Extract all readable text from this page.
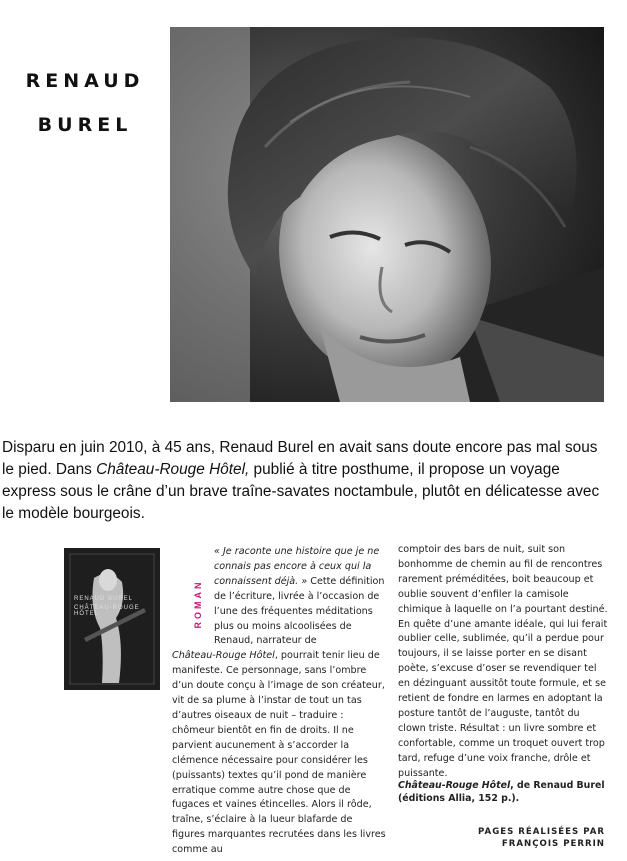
RENAUD
BUREL

Disparu en juin 2010, à 45 ans, Renaud Burel en avait sans doute encore pas mal sous le pied. Dans Château-Rouge Hôtel, publié à titre posthume, il propose un voyage express sous le crâne d’un brave traîne-savates noctambule, plutôt en délicatesse avec le modèle bourgeois.

RENAUD BUREL
CHÂTEAU-ROUGE HÔTEL	ROMAN

« Je raconte une histoire que je ne connais pas encore à ceux qui la connaissent déjà. » Cette définition de l’écriture, livrée à l’occasion de l’une des fréquentes méditations plus ou moins alcoolisées de Renaud, narrateur de
Château-Rouge Hôtel, pourrait tenir lieu de manifeste. Ce personnage, sans l’ombre d’un doute conçu à l’image de son créateur, vit de sa plume à l’instar de tout un tas d’autres oiseaux de nuit – traduire : chômeur bientôt en fin de droits. Il ne parvient aucunement à s’accorder la clémence nécessaire pour considérer les (puissants) textes qu’il pond de manière erratique comme autre chose que de fugaces et vaines étincelles. Alors il rôde, traîne, s’éclaire à la lueur blafarde de figures marquantes recrutées dans les livres comme au

comptoir des bars de nuit, suit son bonhomme de chemin au fil de rencontres rarement préméditées, boit beaucoup et oublie souvent d’enfiler la camisole chimique à laquelle on l’a pourtant destiné. En quête d’une amante idéale, qui lui ferait oublier celle, sublimée, qu’il a perdue pour toujours, il se laisse porter en se disant poète, s’excuse d’oser se revendiquer tel en dézinguant aussitôt toute formule, et se retient de fondre en larmes en adoptant la posture tantôt de l’auguste, tantôt du clown triste. Résultat : un livre sombre et confortable, comme un troquet ouvert trop tard, refuge d’une voix franche, drôle et puissante.

Château-Rouge Hôtel, de Renaud Burel
(éditions Allia, 152 p.).

PAGES RÉALISÉES PAR
FRANÇOIS PERRIN
